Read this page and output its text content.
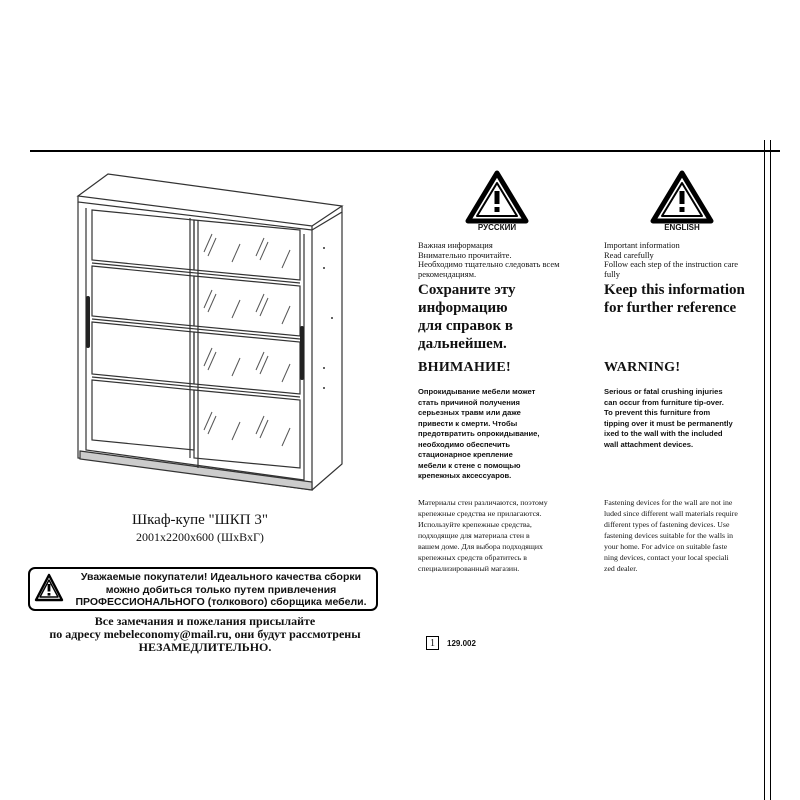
Шкаф-купе "ШКП 3"
2001x2200x600 (ШхВхГ)
Уважаемые покупатели! Идеального качества сборки можно добиться только путем привлечения ПРОФЕССИОНАЛЬНОГО (толкового) сборщика мебели.
Все замечания и пожелания присылайте
по адресу mebeleconomy@mail.ru, они будут рассмотрены
НЕЗАМЕДЛИТЕЛЬНО.
РУССКИЙ
Важная информация
Внимательно прочитайте.
Необходимо тщательно следовать всем
рекомендациям.
Сохраните эту
информацию
для справок в
дальнейшем.
ВНИМАНИЕ!
Опрокидывание мебели может
стать причиной получения
серьезных травм или даже
привести к смерти. Чтобы
предотвратить опрокидывание,
необходимо обеспечить
стационарное крепление
мебели к стене с помощью
крепежных аксессуаров.
Материалы стен различаются, поэтому
крепежные средства не прилагаются.
Используйте крепежные средства,
подходящие для материала стен в
вашем доме. Для выбора подходящих
крепежных средств обратитесь в
специализированный магазин.
ENGLISH
Important information
Read carefully
Follow each step of the instruction care
fully
Keep this information
for further reference
WARNING!
Serious or fatal crushing injuries
can occur from furniture tip-over.
To prevent this furniture from
tipping over it must be permanently
ixed to the wall with the included
wall attachment devices.
Fastening devices for the wall are not ine
luded since different wall materials require
different types of fastening devices. Use
fastening devices suitable for the walls in
your home. For advice on suitable faste
ning devices, contact your local speciali
zed dealer.
1	129.002
